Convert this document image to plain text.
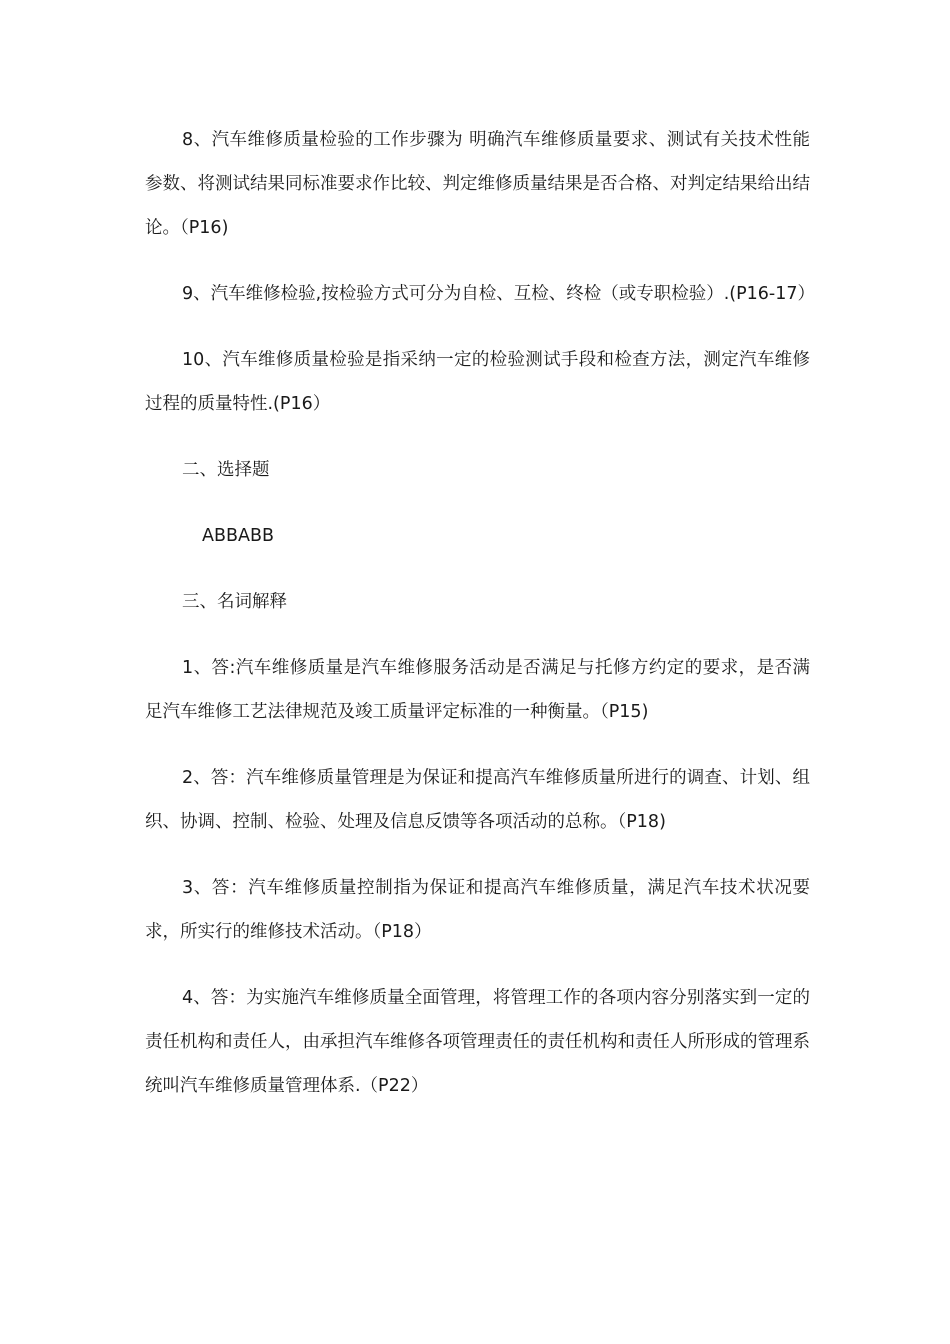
8、汽车维修质量检验的工作步骤为 明确汽车维修质量要求、测试有关技术性能参数、将测试结果同标准要求作比较、判定维修质量结果是否合格、对判定结果给出结论。（P16)

9、汽车维修检验,按检验方式可分为自检、互检、终检（或专职检验）.(P16-17）

10、汽车维修质量检验是指采纳一定的检验测试手段和检查方法，测定汽车维修过程的质量特性.(P16）

二、选择题

ABBABB

三、名词解释

1、答:汽车维修质量是汽车维修服务活动是否满足与托修方约定的要求，是否满足汽车维修工艺法律规范及竣工质量评定标准的一种衡量。（P15)

2、答：汽车维修质量管理是为保证和提高汽车维修质量所进行的调查、计划、组织、协调、控制、检验、处理及信息反馈等各项活动的总称。（P18)

3、答：汽车维修质量控制指为保证和提高汽车维修质量，满足汽车技术状况要求，所实行的维修技术活动。（P18）

4、答：为实施汽车维修质量全面管理，将管理工作的各项内容分别落实到一定的责任机构和责任人，由承担汽车维修各项管理责任的责任机构和责任人所形成的管理系统叫汽车维修质量管理体系.（P22）
